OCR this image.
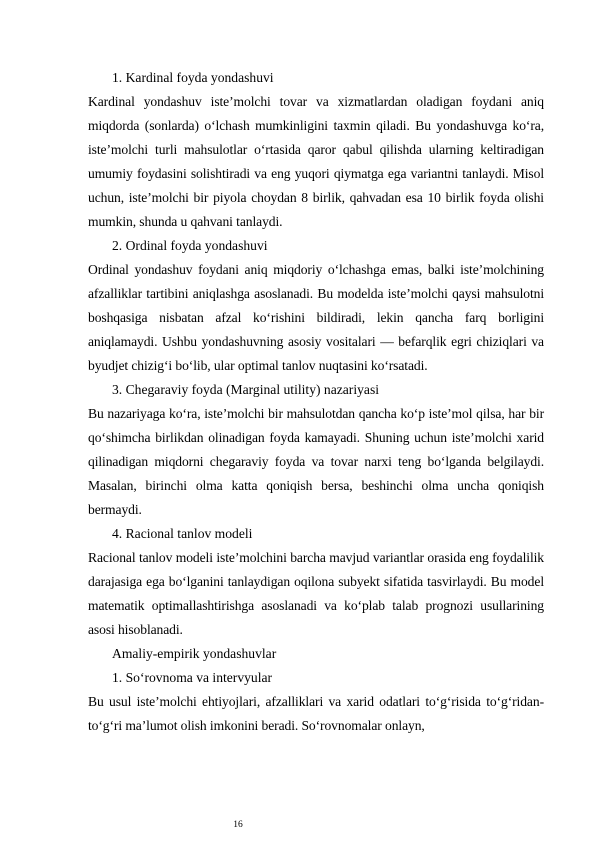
1. Kardinal foyda yondashuvi

Kardinal yondashuv iste’molchi tovar va xizmatlardan oladigan foydani aniq miqdorda (sonlarda) o‘lchash mumkinligini taxmin qiladi. Bu yondashuvga ko‘ra, iste’molchi turli mahsulotlar o‘rtasida qaror qabul qilishda ularning keltiradigan umumiy foydasini solishtiradi va eng yuqori qiymatga ega variantni tanlaydi. Misol uchun, iste’molchi bir piyola choydan 8 birlik, qahvadan esa 10 birlik foyda olishi mumkin, shunda u qahvani tanlaydi.

2. Ordinal foyda yondashuvi

Ordinal yondashuv foydani aniq miqdoriy o‘lchashga emas, balki iste’molchining afzalliklar tartibini aniqlashga asoslanadi. Bu modelda iste’molchi qaysi mahsulotni boshqasiga nisbatan afzal ko‘rishini bildiradi, lekin qancha farq borligini aniqlamaydi. Ushbu yondashuvning asosiy vositalari — befarqlik egri chiziqlari va byudjet chizig‘i bo‘lib, ular optimal tanlov nuqtasini ko‘rsatadi.

3. Chegaraviy foyda (Marginal utility) nazariyasi

Bu nazariyaga ko‘ra, iste’molchi bir mahsulotdan qancha ko‘p iste’mol qilsa, har bir qo‘shimcha birlikdan olinadigan foyda kamayadi. Shuning uchun iste’molchi xarid qilinadigan miqdorni chegaraviy foyda va tovar narxi teng bo‘lganda belgilaydi. Masalan, birinchi olma katta qoniqish bersa, beshinchi olma uncha qoniqish bermaydi.

4. Racional tanlov modeli

Racional tanlov modeli iste’molchini barcha mavjud variantlar orasida eng foydalilik darajasiga ega bo‘lganini tanlaydigan oqilona subyekt sifatida tasvirlaydi. Bu model matematik optimallashtirishga asoslanadi va ko‘plab talab prognozi usullarining asosi hisoblanadi.

Amaliy-empirik yondashuvlar
1. So‘rovnoma va intervyular

Bu usul iste’molchi ehtiyojlari, afzalliklari va xarid odatlari to‘g‘risida to‘g‘ridan-to‘g‘ri ma’lumot olish imkonini beradi. So‘rovnomalar onlayn,

16
